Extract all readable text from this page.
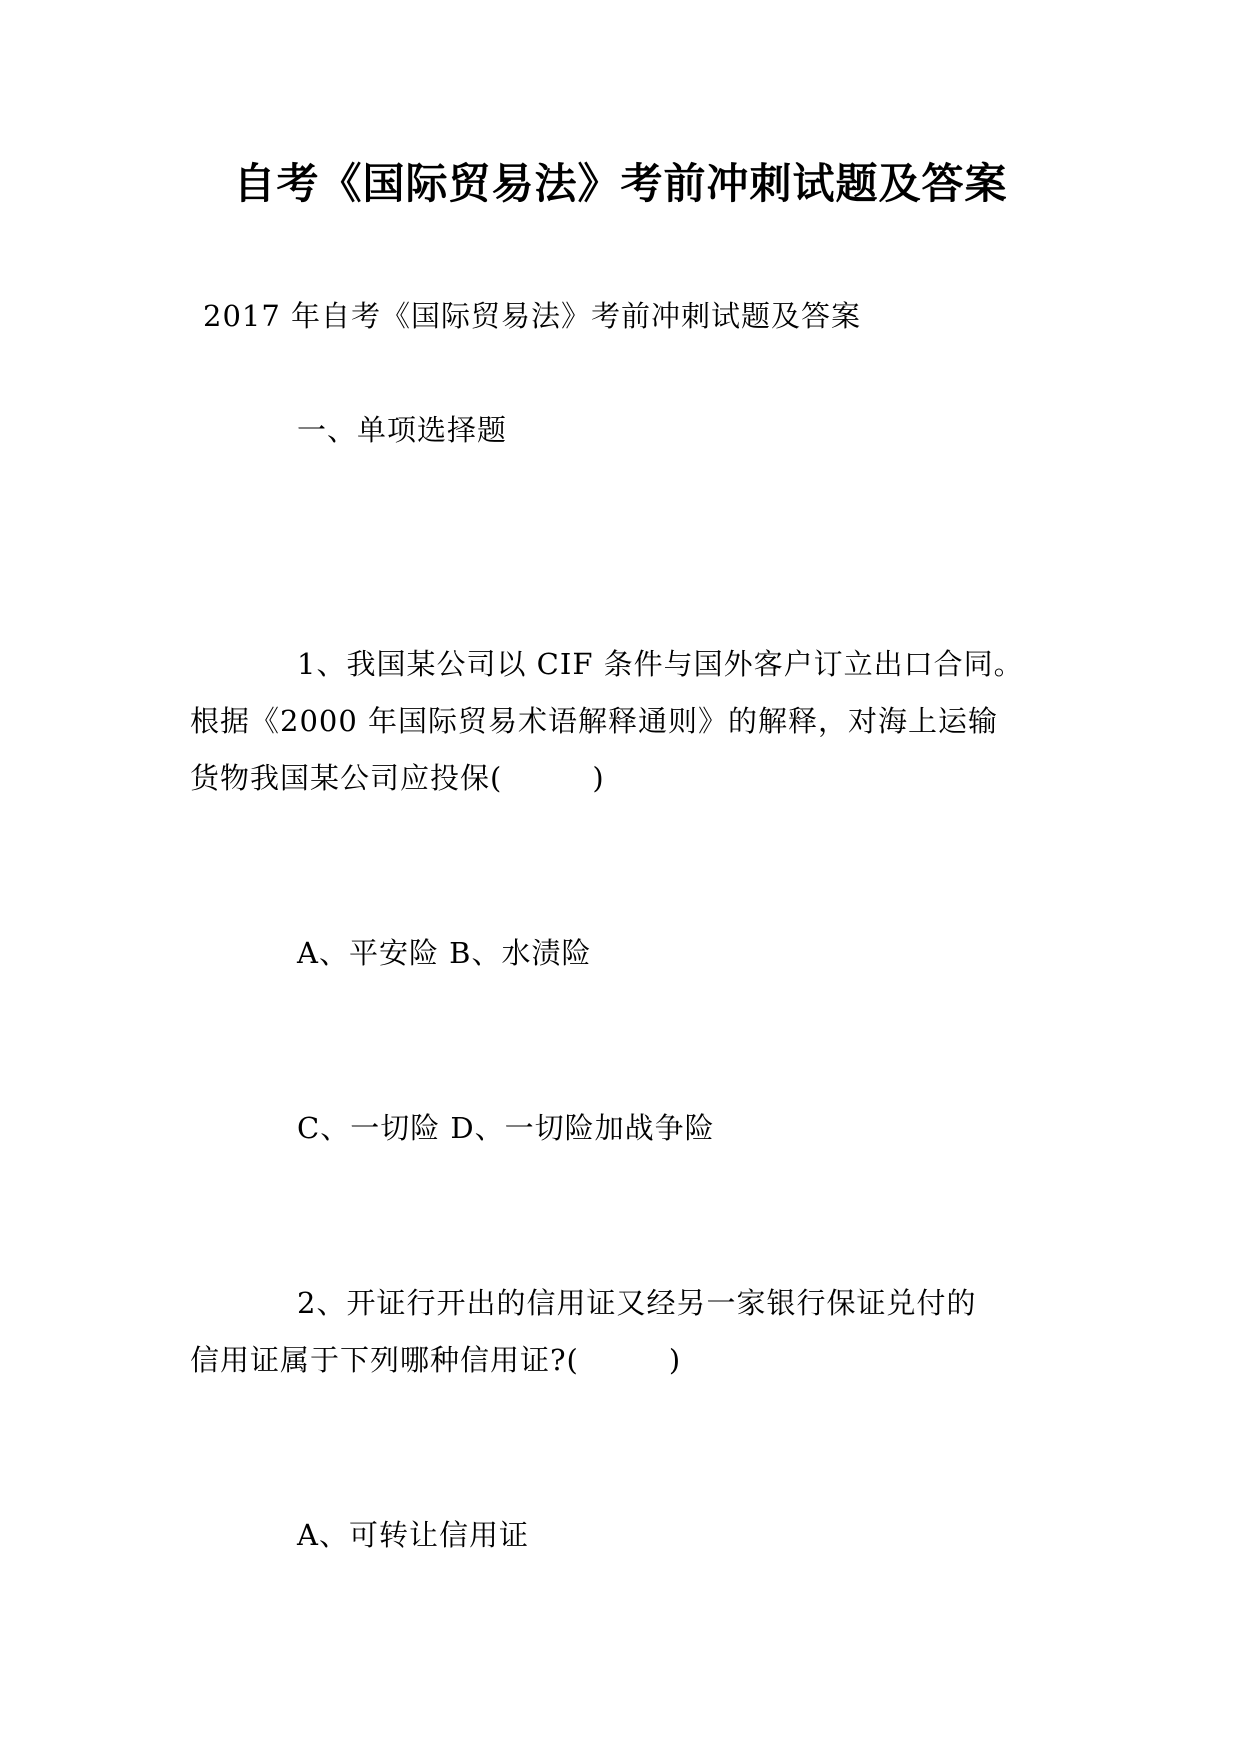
自考《国际贸易法》考前冲刺试题及答案

2017 年自考《国际贸易法》考前冲刺试题及答案

一、单项选择题

1、我国某公司以 CIF 条件与国外客户订立出口合同。

根据《2000 年国际贸易术语解释通则》的解释，对海上运输

货物我国某公司应投保(　　　)

A、平安险 B、水渍险

C、一切险 D、一切险加战争险

2、开证行开出的信用证又经另一家银行保证兑付的

信用证属于下列哪种信用证?(　　　)

A、可转让信用证
